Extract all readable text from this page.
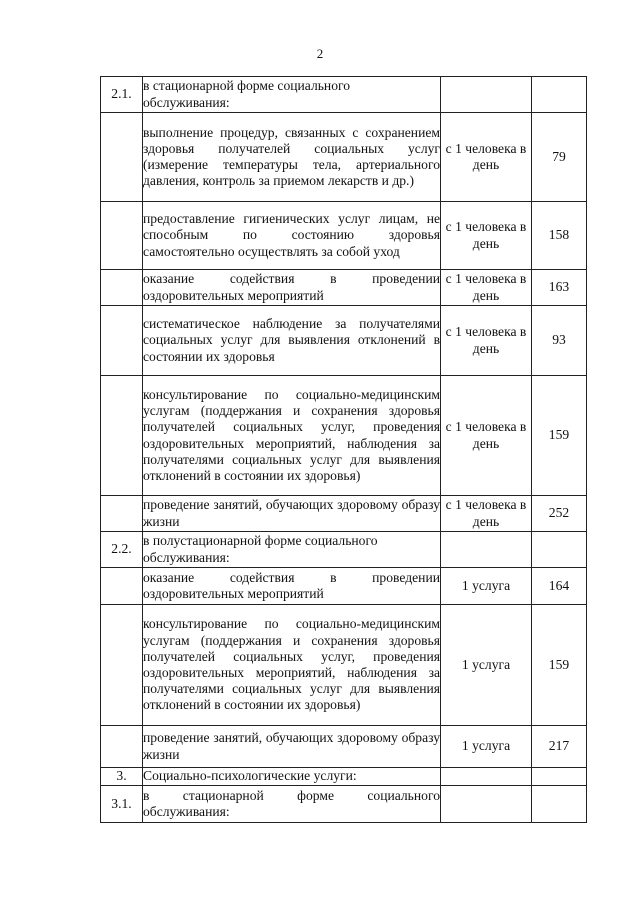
2
2.1.	в стационарной форме социального обслуживания:		
	выполнение процедур, связанных с сохранением здоровья получателей социальных услуг (измерение температуры тела, артериального давления, контроль за приемом лекарств и др.)	с 1 человека в день	79
	предоставление гигиенических услуг лицам, не способным по состоянию здоровья самостоятельно осуществлять за собой уход	с 1 человека в день	158
	оказание содействия в проведении оздоровительных мероприятий	с 1 человека в день	163
	систематическое наблюдение за получателями социальных услуг для выявления отклонений в состоянии их здоровья	с 1 человека в день	93
	консультирование по социально-медицинским услугам (поддержания и сохранения здоровья получателей социальных услуг, проведения оздоровительных мероприятий, наблюдения за получателями социальных услуг для выявления отклонений в состоянии их здоровья)	с 1 человека в день	159
	проведение занятий, обучающих здоровому образу жизни	с 1 человека в день	252
2.2.	в полустационарной форме социального обслуживания:		
	оказание содействия в проведении оздоровительных мероприятий	1 услуга	164
	консультирование по социально-медицинским услугам (поддержания и сохранения здоровья получателей социальных услуг, проведения оздоровительных мероприятий, наблюдения за получателями социальных услуг для выявления отклонений в состоянии их здоровья)	1 услуга	159
	проведение занятий, обучающих здоровому образу жизни	1 услуга	217
3.	Социально-психологические услуги:		
3.1.	в стационарной форме социального обслуживания:		
